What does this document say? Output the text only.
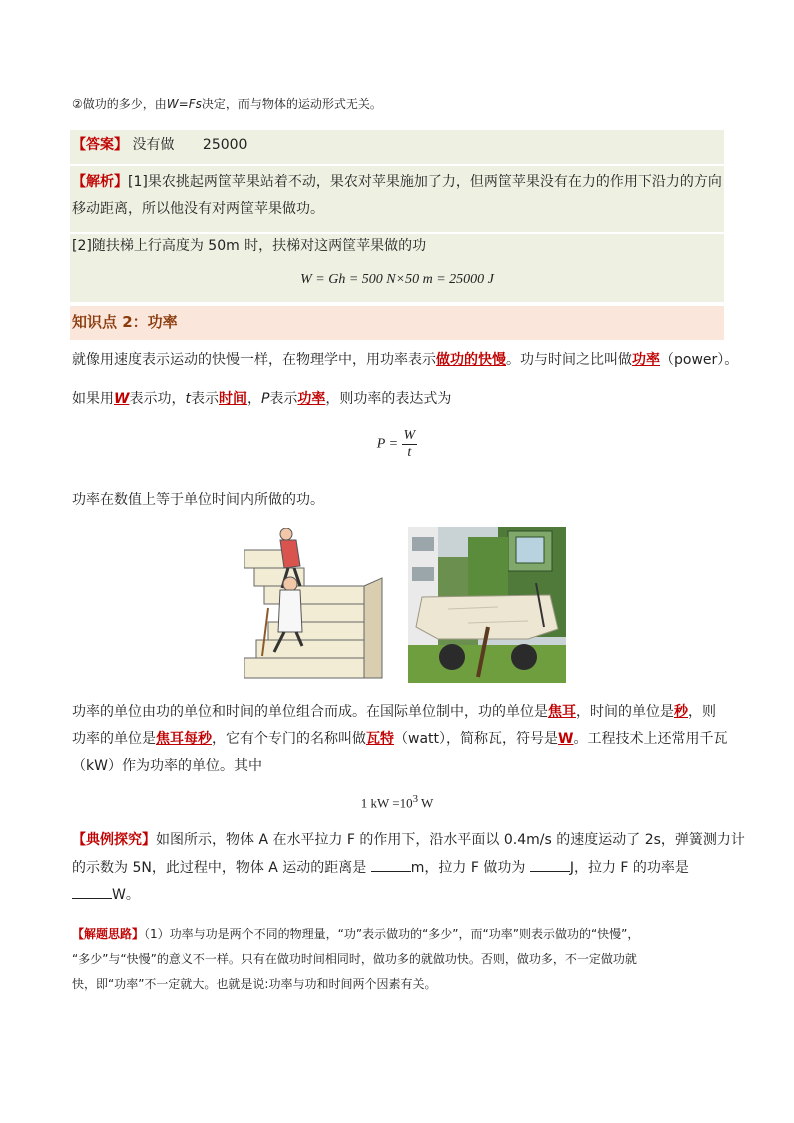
②做功的多少，由W=Fs决定，而与物体的运动形式无关。
【答案】 没有做 25000
【解析】[1]果农挑起两筐苹果站着不动，果农对苹果施加了力，但两筐苹果没有在力的作用下沿力的方向
移动距离，所以他没有对两筐苹果做功。
[2]随扶梯上行高度为 50m 时，扶梯对这两筐苹果做的功
W = Gh = 500 N×50 m = 25000 J
知识点 2：功率
就像用速度表示运动的快慢一样，在物理学中，用功率表示做功的快慢。功与时间之比叫做功率（power）。
如果用W表示功，t表示时间，P表示功率，则功率的表达式为
$P = \frac{W}{t}$
功率在数值上等于单位时间内所做的功。
功率的单位由功的单位和时间的单位组合而成。在国际单位制中，功的单位是焦耳，时间的单位是秒，则
功率的单位是焦耳每秒，它有个专门的名称叫做瓦特（watt），简称瓦，符号是W。工程技术上还常用千瓦
（kW）作为功率的单位。其中
1 kW $=10^3$ W
【典例探究】如图所示，物体 A 在水平拉力 F 的作用下，沿水平面以 0.4m/s 的速度运动了 2s，弹簧测力计
的示数为 5N，此过程中，物体 A 运动的距离是	m，拉力 F 做功为	J，拉力 F 的功率是
W。
【解题思路】（1）功率与功是两个不同的物理量，“功”表示做功的“多少”，而“功率”则表示做功的“快慢”，
“多少”与“快慢”的意义不一样。只有在做功时间相同时，做功多的就做功快。否则，做功多，不一定做功就
快，即“功率”不一定就大。也就是说:功率与功和时间两个因素有关。
